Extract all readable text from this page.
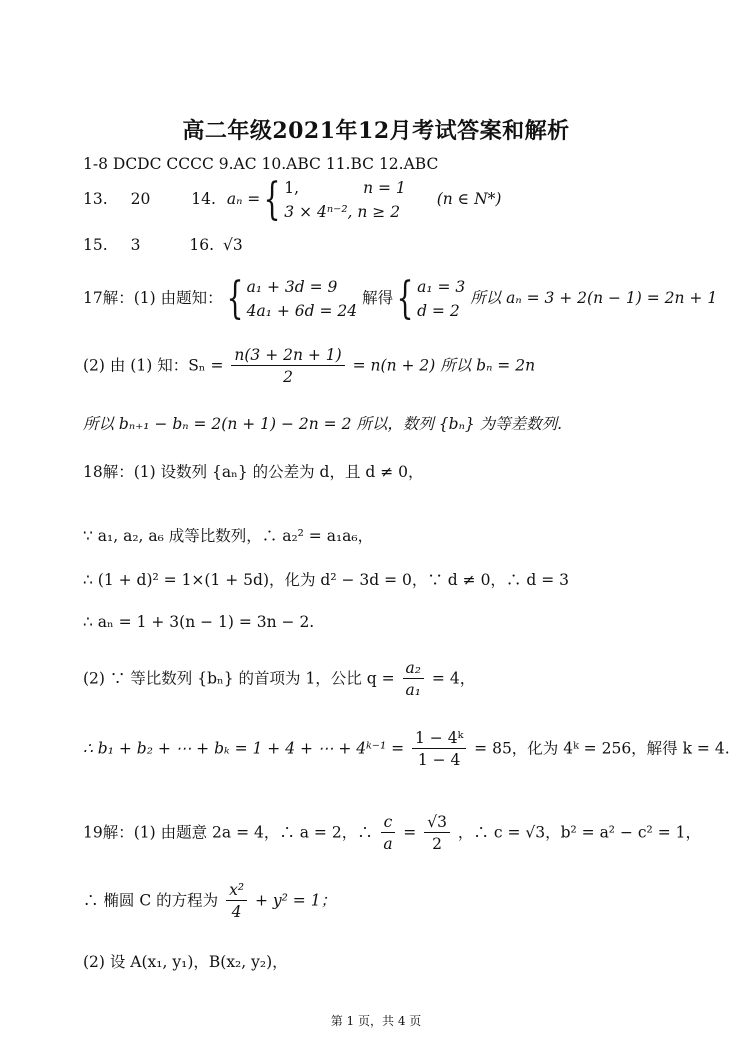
高二年级2021年12月考试答案和解析
1-8 DCDC CCCC 9.AC 10.ABC 11.BC 12.ABC
13. 20	14. aₙ ={ 1,	n = 1
3 × 4ⁿ⁻², n ≥ 2
(n ∈ N*)
15. 3	16. √3
17解：(1) 由题知：{ a₁ + 3d = 9
4a₁ + 6d = 24
解得{ a₁ = 3
d = 2
所以 aₙ = 3 + 2(n − 1) = 2n + 1
(2) 由 (1) 知：$S_n = \frac{n(3 + 2n + 1)}{2} = n(n + 2)$ 所以 bₙ = 2n
所以 bₙ₊₁ − bₙ = 2(n + 1) − 2n = 2 所以，数列 {bₙ} 为等差数列.
18解：(1) 设数列 {aₙ} 的公差为 d，且 d ≠ 0，
∵ a₁, a₂, a₆ 成等比数列，∴ a₂² = a₁a₆，
∴ (1 + d)² = 1×(1 + 5d)，化为 d² − 3d = 0，∵ d ≠ 0，∴ d = 3
∴ aₙ = 1 + 3(n − 1) = 3n − 2.
(2) ∵ 等比数列 {bₙ} 的首项为 1，公比 $q = \frac{\text{a₂}}{\text{a₁}} = 4$，
∴ b₁ + b₂ + ⋯ + bₖ = 1 + 4 + ⋯ + 4ᵏ⁻¹ = $\frac{\text{1 − 4ᵏ}}{1 - 4} = 85$，化为 4ᵏ = 256，解得 k = 4.
19解：(1) 由题意 2a = 4，∴ a = 2，∴ $\frac{c}{a} = \frac{√3}{2}$ ，∴ c = √3，b² = a² − c² = 1，
∴ 椭圆 C 的方程为 $\frac{\text{x²}}{4} + y^2 = 1$；
(2) 设 A(x₁, y₁)，B(x₂, y₂)，
第 1 页，共 4 页
